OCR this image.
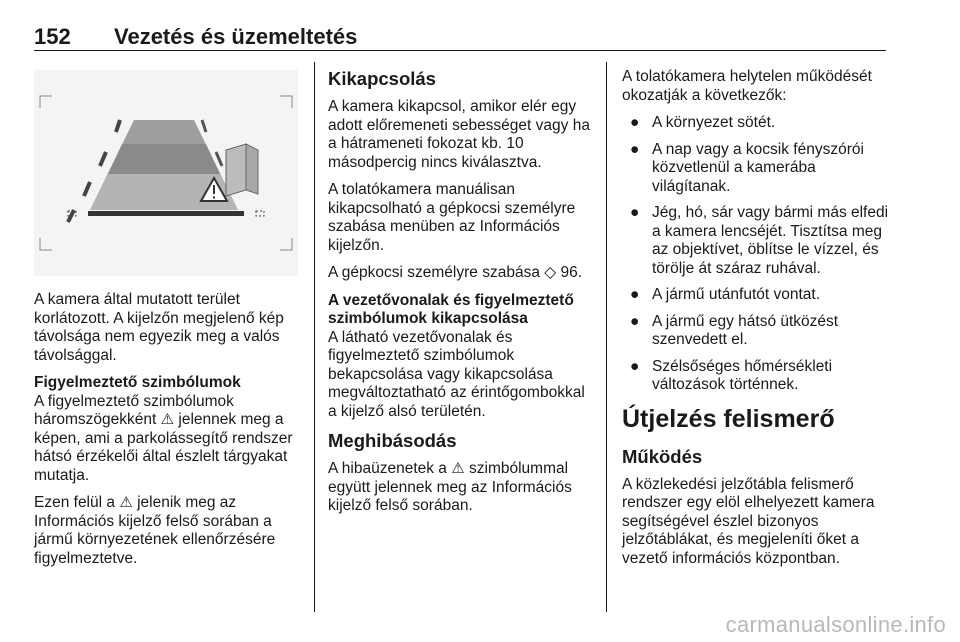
152 Vezetés és üzemeltetés

A kamera által mutatott terület korlátozott. A kijelzőn megjelenő kép távolsága nem egyezik meg a valós távolsággal.

Figyelmeztető szimbólumok

A figyelmeztető szimbólumok háromszögekként ⚠ jelennek meg a képen, ami a parkolássegítő rendszer hátsó érzékelői által észlelt tárgyakat mutatja.

Ezen felül a ⚠ jelenik meg az Információs kijelző felső sorában a jármű környezetének ellenőrzésére figyelmeztetve.

Kikapcsolás

A kamera kikapcsol, amikor elér egy adott előremeneti sebességet vagy ha a hátrameneti fokozat kb. 10 másodpercig nincs kiválasztva.

A tolatókamera manuálisan kikapcsolható a gépkocsi személyre szabása menüben az Információs kijelzőn.

A gépkocsi személyre szabása ◇ 96.

A vezetővonalak és figyelmeztető szimbólumok kikapcsolása

A látható vezetővonalak és figyelmeztető szimbólumok bekapcsolása vagy kikapcsolása megváltoztatható az érintőgombokkal a kijelző alsó területén.

Meghibásodás

A hibaüzenetek a ⚠ szimbólummal együtt jelennek meg az Információs kijelző felső sorában.

A tolatókamera helytelen működését okozatják a következők:

● A környezet sötét.
● A nap vagy a kocsik fényszórói közvetlenül a kamerába világítanak.
● Jég, hó, sár vagy bármi más elfedi a kamera lencséjét. Tisztítsa meg az objektívet, öblítse le vízzel, és törölje át száraz ruhával.
● A jármű utánfutót vontat.
● A jármű egy hátsó ütközést szenvedett el.
● Szélsőséges hőmérsékleti változások történnek.
Útjelzés felismerő
Működés

A közlekedési jelzőtábla felismerő rendszer egy elöl elhelyezett kamera segítségével észlel bizonyos jelzőtáblákat, és megjeleníti őket a vezető információs központban.

carmanualsonline.info
